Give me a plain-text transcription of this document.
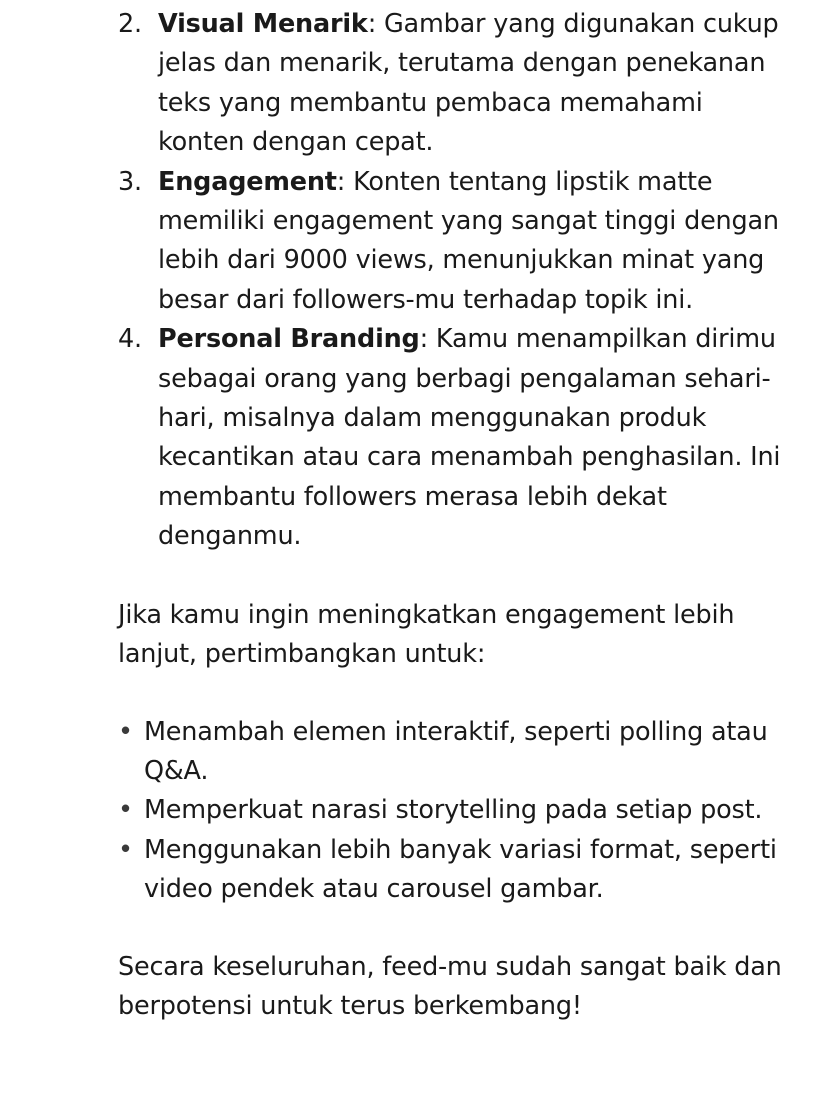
2. Visual Menarik: Gambar yang digunakan cukup jelas dan menarik, terutama dengan penekanan teks yang membantu pembaca memahami konten dengan cepat.
3. Engagement: Konten tentang lipstik matte memiliki engagement yang sangat tinggi dengan lebih dari 9000 views, menunjukkan minat yang besar dari followers-mu terhadap topik ini.
4. Personal Branding: Kamu menampilkan dirimu sebagai orang yang berbagi pengalaman sehari-hari, misalnya dalam menggunakan produk kecantikan atau cara menambah penghasilan. Ini membantu followers merasa lebih dekat denganmu.

Jika kamu ingin meningkatkan engagement lebih lanjut, pertimbangkan untuk:

• Menambah elemen interaktif, seperti polling atau Q&A.
• Memperkuat narasi storytelling pada setiap post.
• Menggunakan lebih banyak variasi format, seperti video pendek atau carousel gambar.

Secara keseluruhan, feed-mu sudah sangat baik dan berpotensi untuk terus berkembang!
